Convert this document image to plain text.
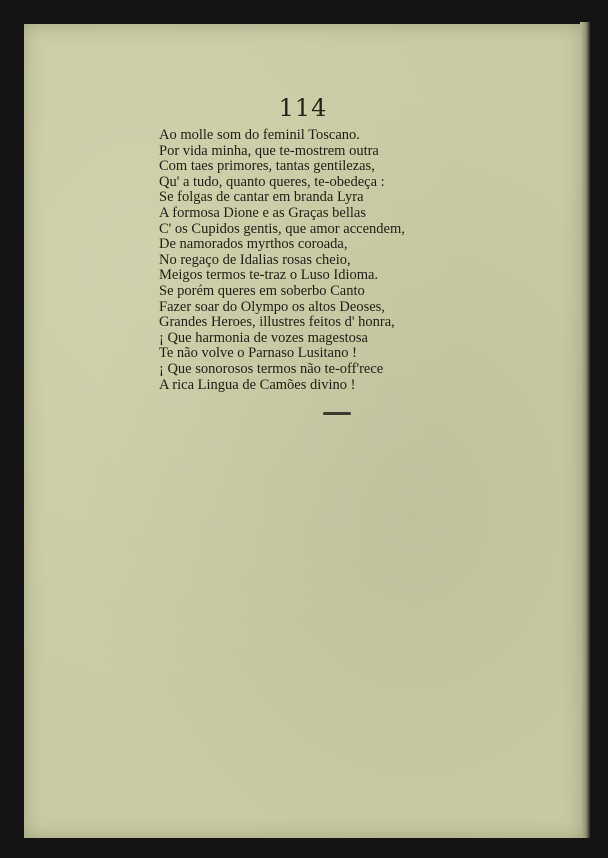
114
Ao molle som do feminil Toscano.
Por vida minha, que te-mostrem outra
Com taes primores, tantas gentilezas,
Qu' a tudo, quanto queres, te-obedeça :
Se folgas de cantar em branda Lyra
A formosa Dione e as Graças bellas
C' os Cupidos gentis, que amor accendem,
De namorados myrthos coroada,
No regaço de Idalias rosas cheio,
Meigos termos te-traz o Luso Idioma.
Se porém queres em soberbo Canto
Fazer soar do Olympo os altos Deoses,
Grandes Heroes, illustres feitos d' honra,
¡ Que harmonia de vozes magestosa
Te não volve o Parnaso Lusitano !
¡ Que sonorosos termos não te-off'rece
A rica Lingua de Camões divino !
